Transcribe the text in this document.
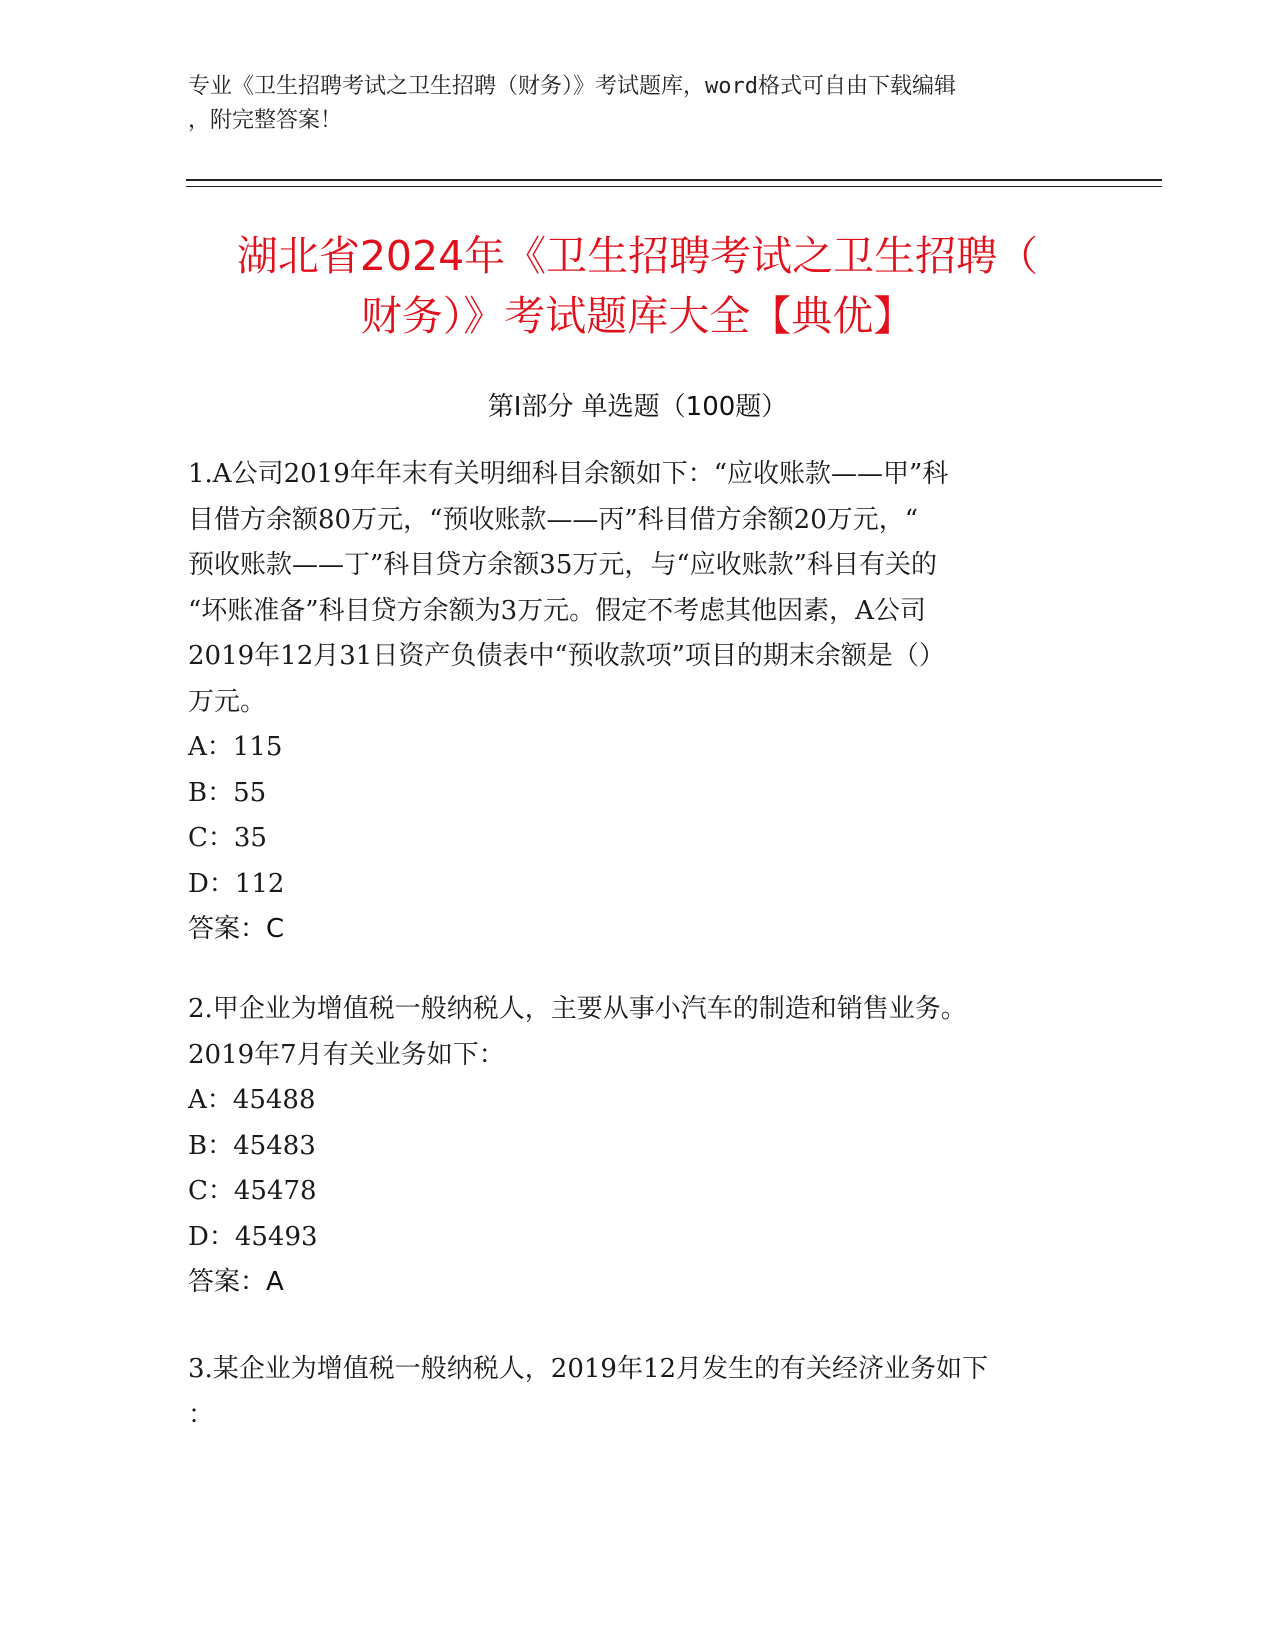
专业《卫生招聘考试之卫生招聘（财务）》考试题库，word格式可自由下载编辑
，附完整答案！
湖北省2024年《卫生招聘考试之卫生招聘（
财务）》考试题库大全【典优】
第Ⅰ部分 单选题（100题）

1.A公司2019年年末有关明细科目余额如下：“应收账款——甲”科

目借方余额80万元，“预收账款——丙”科目借方余额20万元，“

预收账款——丁”科目贷方余额35万元，与“应收账款”科目有关的

“坏账准备”科目贷方余额为3万元。假定不考虑其他因素，A公司

2019年12月31日资产负债表中“预收款项”项目的期末余额是（）

万元。

A：115

B：55

C：35

D：112

答案：C

2.甲企业为增值税一般纳税人，主要从事小汽车的制造和销售业务。

2019年7月有关业务如下：

A：45488

B：45483

C：45478

D：45493

答案：A

3.某企业为增值税一般纳税人，2019年12月发生的有关经济业务如下

：
